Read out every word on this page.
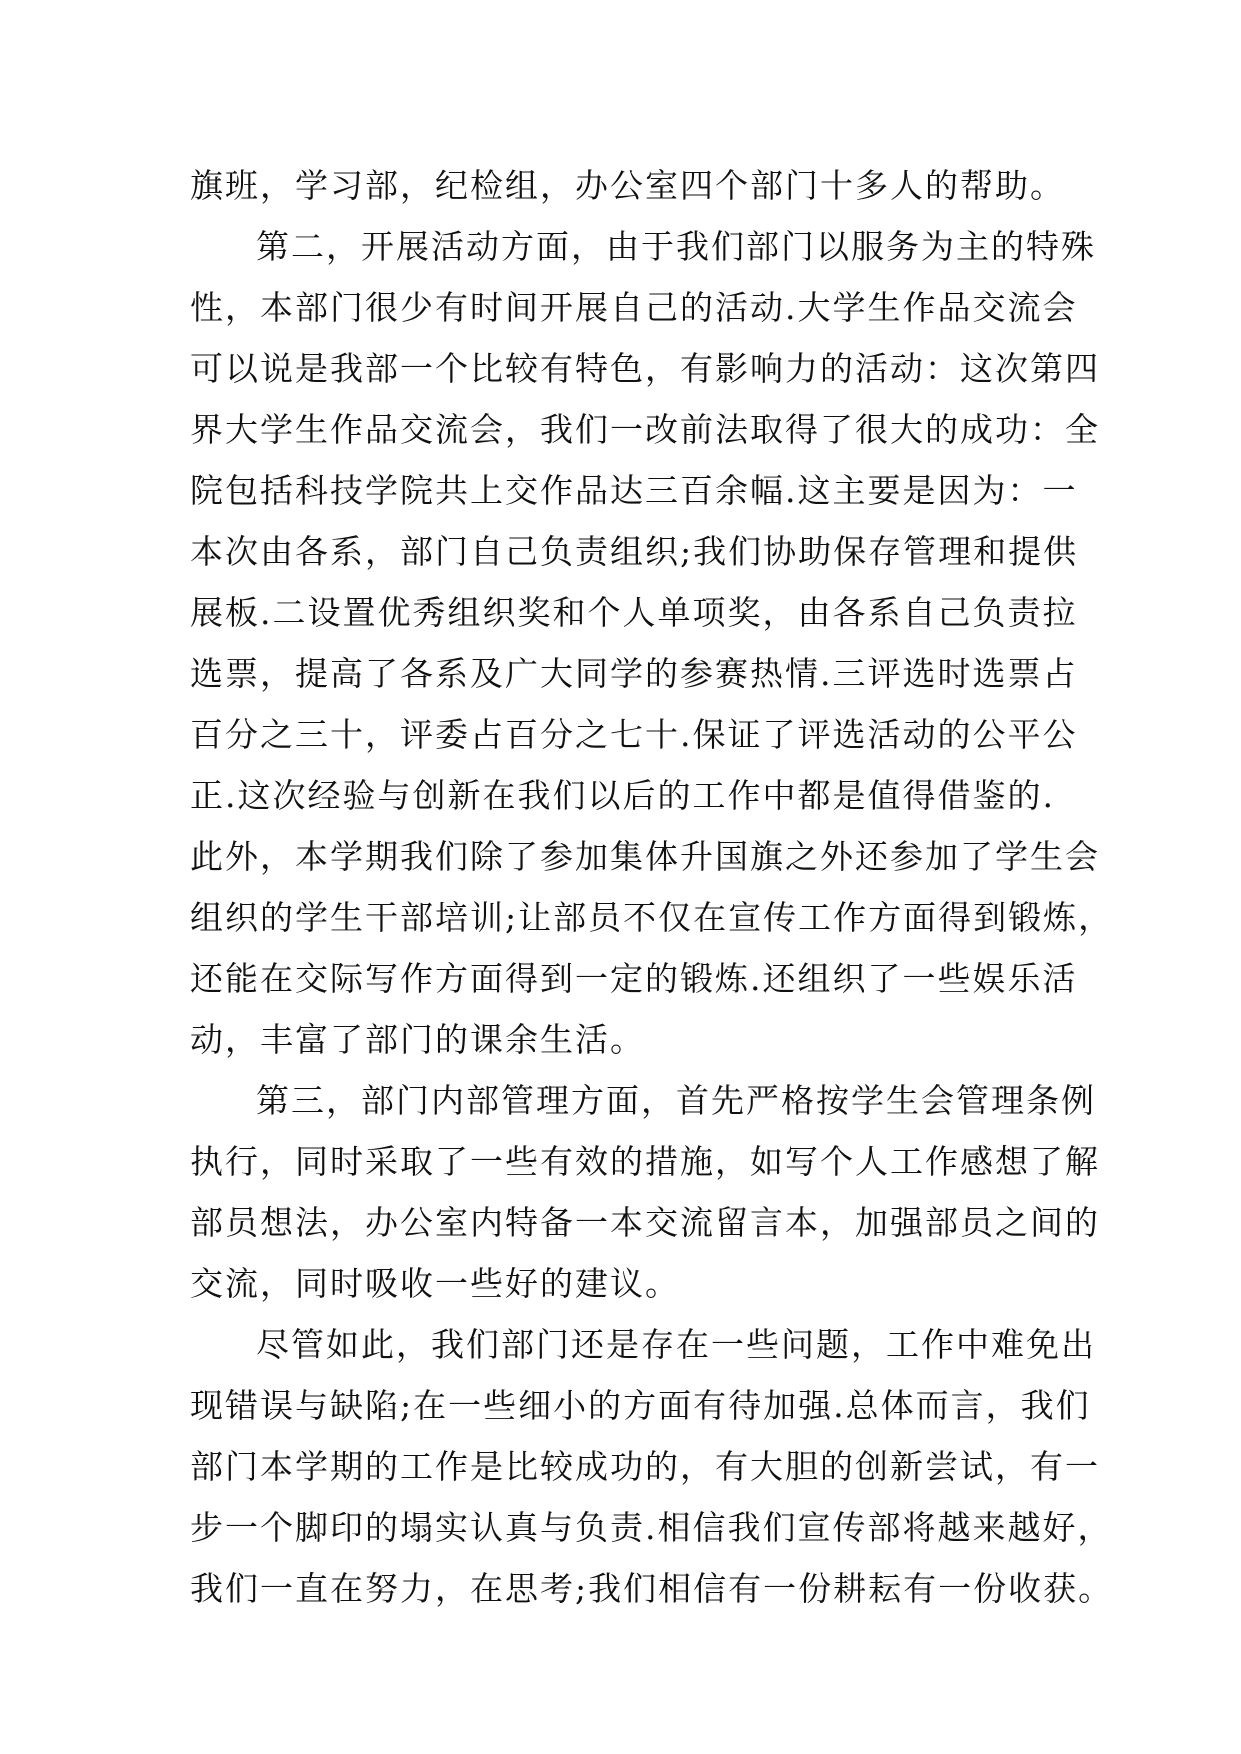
旗班，学习部，纪检组，办公室四个部门十多人的帮助。
第二，开展活动方面，由于我们部门以服务为主的特殊
性，本部门很少有时间开展自己的活动.大学生作品交流会
可以说是我部一个比较有特色，有影响力的活动：这次第四
界大学生作品交流会，我们一改前法取得了很大的成功：全
院包括科技学院共上交作品达三百余幅.这主要是因为：一
本次由各系，部门自己负责组织;我们协助保存管理和提供
展板.二设置优秀组织奖和个人单项奖，由各系自己负责拉
选票，提高了各系及广大同学的参赛热情.三评选时选票占
百分之三十，评委占百分之七十.保证了评选活动的公平公
正.这次经验与创新在我们以后的工作中都是值得借鉴的.
此外，本学期我们除了参加集体升国旗之外还参加了学生会
组织的学生干部培训;让部员不仅在宣传工作方面得到锻炼，
还能在交际写作方面得到一定的锻炼.还组织了一些娱乐活
动，丰富了部门的课余生活。
第三，部门内部管理方面，首先严格按学生会管理条例
执行，同时采取了一些有效的措施，如写个人工作感想了解
部员想法，办公室内特备一本交流留言本，加强部员之间的
交流，同时吸收一些好的建议。
尽管如此，我们部门还是存在一些问题，工作中难免出
现错误与缺陷;在一些细小的方面有待加强.总体而言，我们
部门本学期的工作是比较成功的，有大胆的创新尝试，有一
步一个脚印的塌实认真与负责.相信我们宣传部将越来越好，
我们一直在努力，在思考;我们相信有一份耕耘有一份收获。
